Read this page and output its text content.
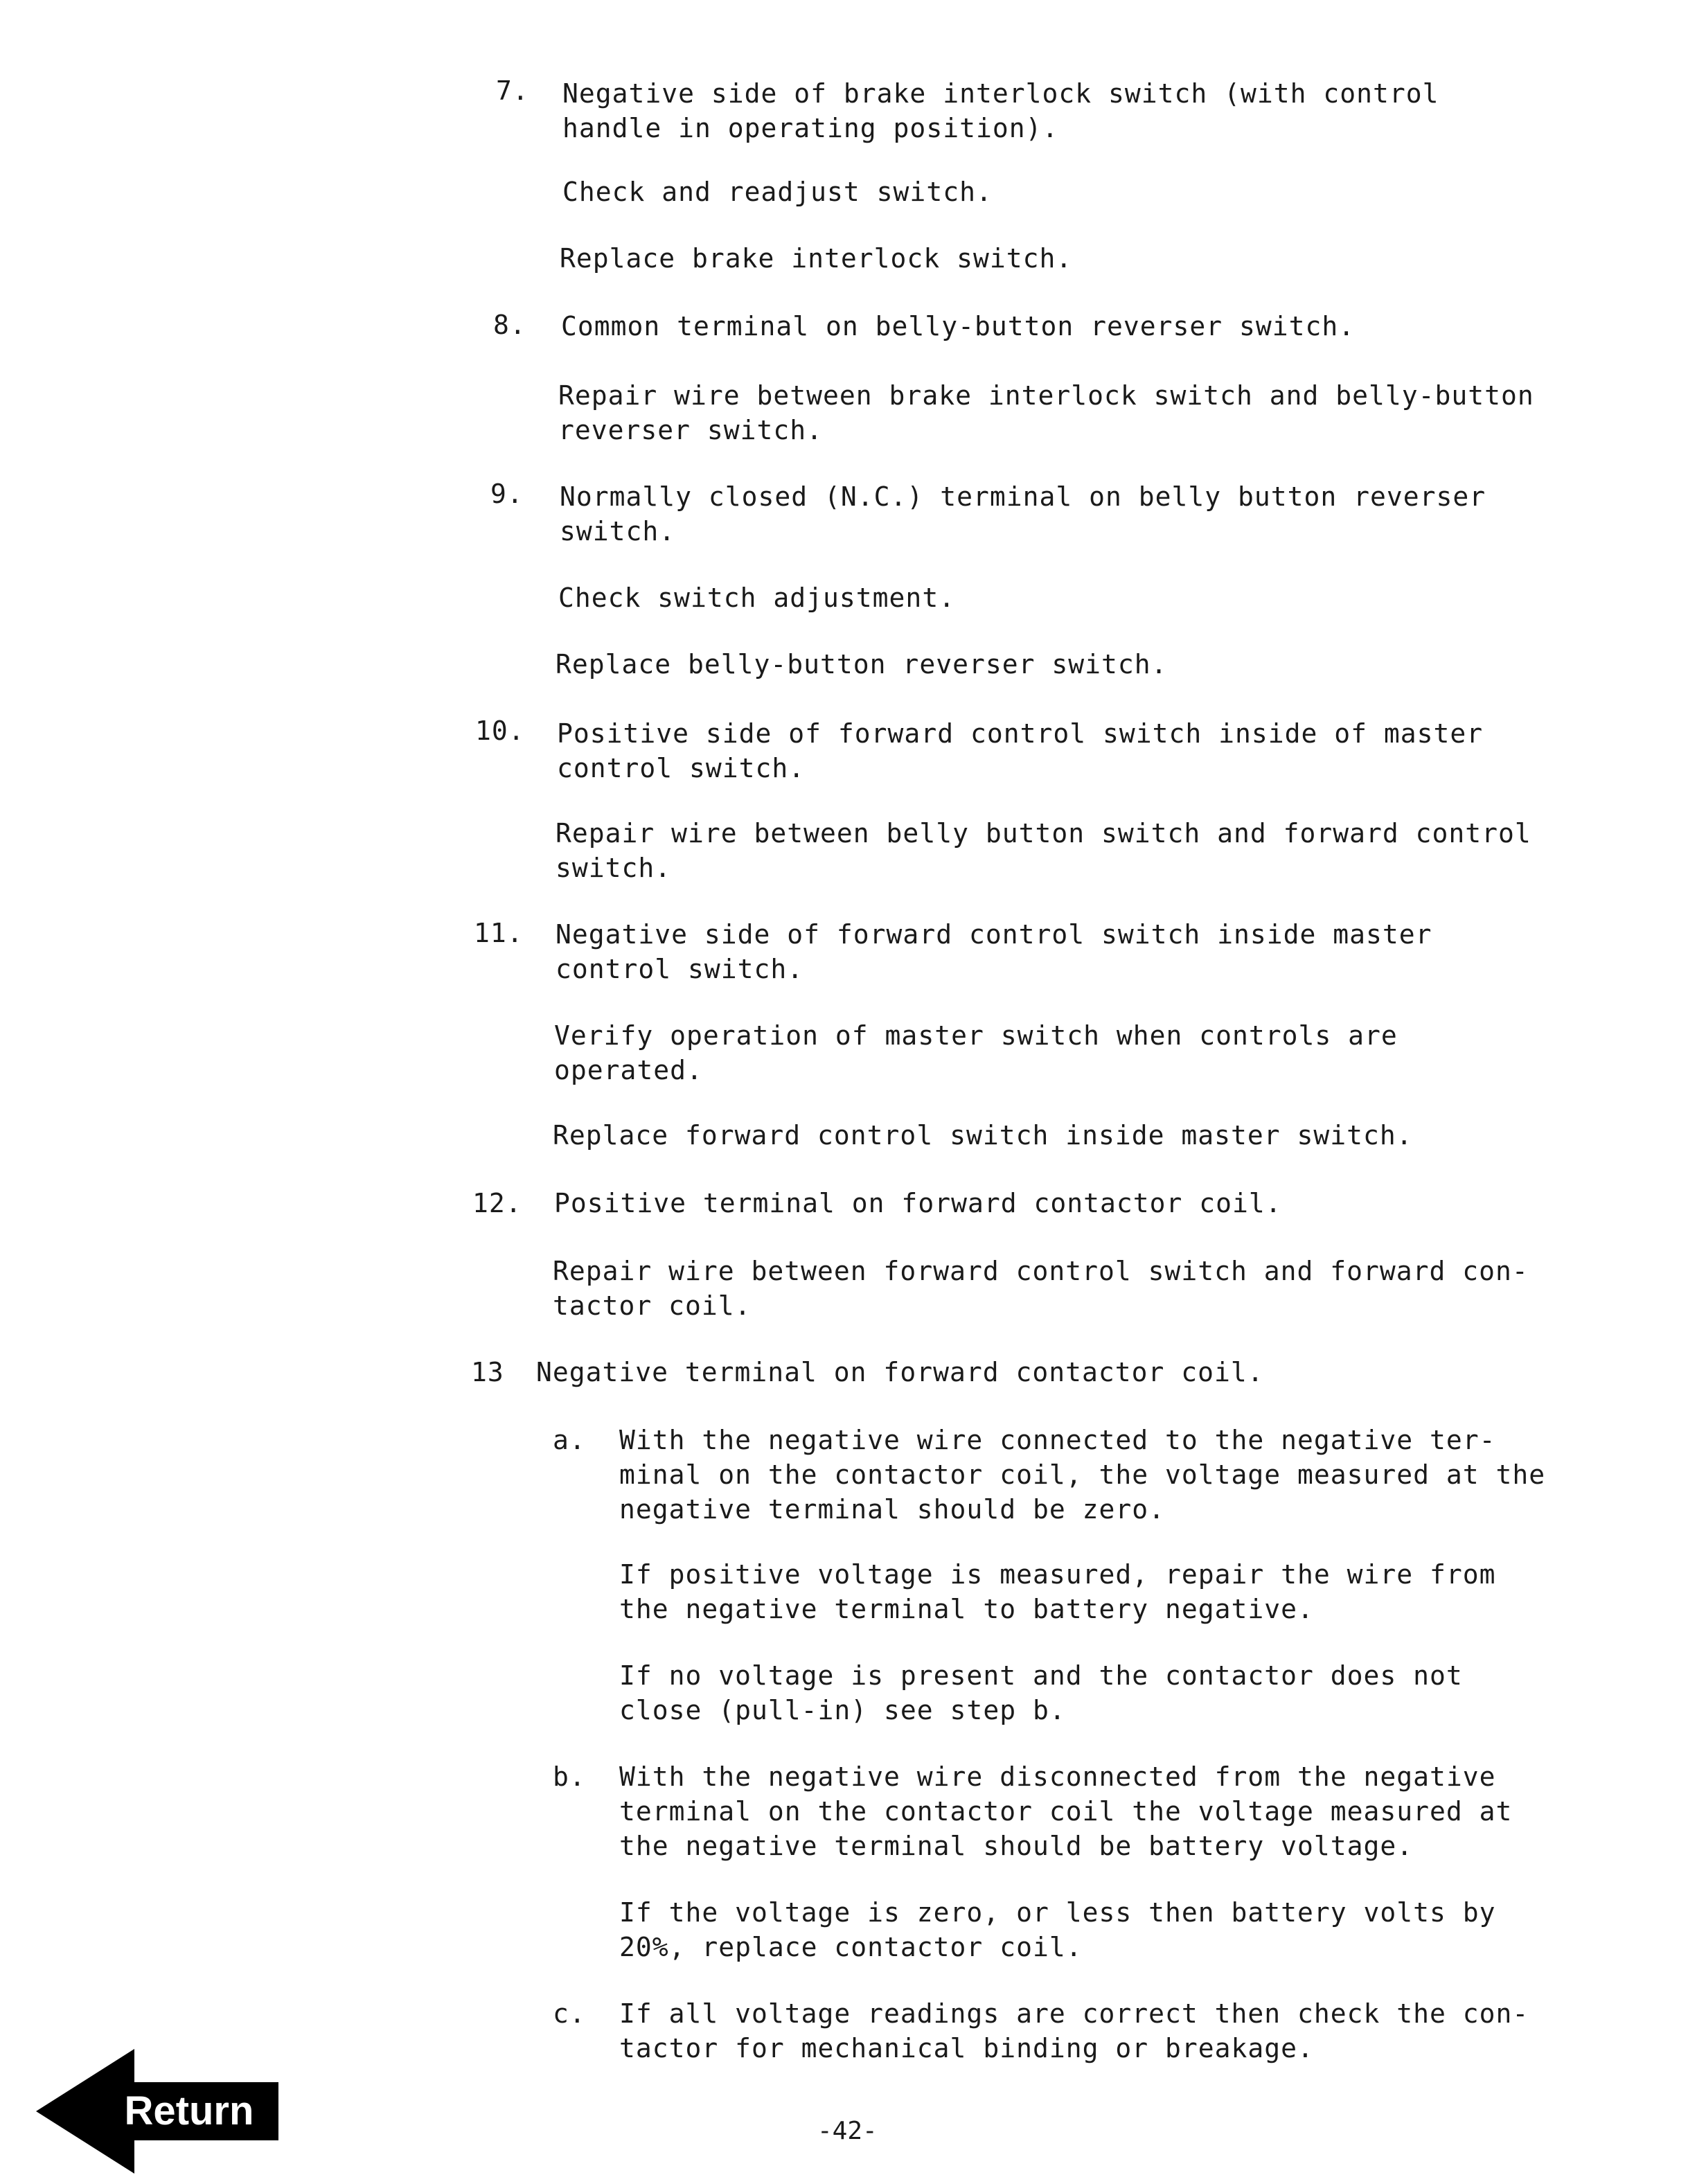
7. Negative side of brake interlock switch (with control
handle in operating position).
Check and readjust switch.
Replace brake interlock switch.
8. Common terminal on belly-button reverser switch.
Repair wire between brake interlock switch and belly-button
reverser switch.
9. Normally closed (N.C.) terminal on belly button reverser
switch.
Check switch adjustment.
Replace belly-button reverser switch.
10. Positive side of forward control switch inside of master
control switch.
Repair wire between belly button switch and forward control
switch.
11. Negative side of forward control switch inside master
control switch.
Verify operation of master switch when controls are
operated.
Replace forward control switch inside master switch.
12. Positive terminal on forward contactor coil.
Repair wire between forward control switch and forward con-
tactor coil.
13 Negative terminal on forward contactor coil.
a. With the negative wire connected to the negative ter-
minal on the contactor coil, the voltage measured at the
negative terminal should be zero.
If positive voltage is measured, repair the wire from
the negative terminal to battery negative.
If no voltage is present and the contactor does not
close (pull-in) see step b.
b. With the negative wire disconnected from the negative
terminal on the contactor coil the voltage measured at
the negative terminal should be battery voltage.
If the voltage is zero, or less then battery volts by
20%, replace contactor coil.
c. If all voltage readings are correct then check the con-
tactor for mechanical binding or breakage.
-42-
Return
